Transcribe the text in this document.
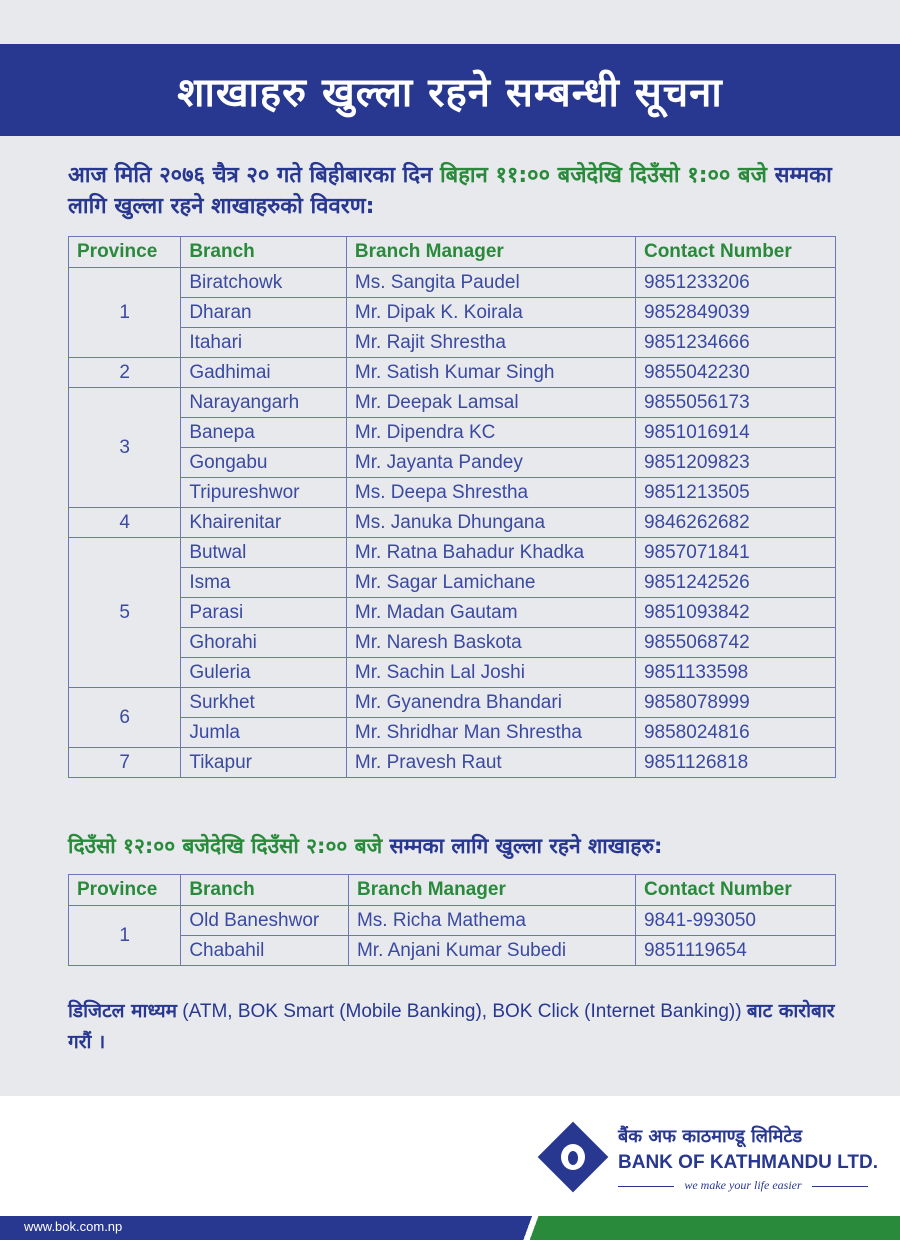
शाखाहरु खुल्ला रहने सम्बन्धी सूचना
आज मिति २०७६ चैत्र २० गते बिहीबारका दिन बिहान ११:०० बजेदेखि दिउँसो १:०० बजे सम्मका लागि खुल्ला रहने शाखाहरुको विवरण:
Province	Branch	Branch Manager	Contact Number
1	Biratchowk	Ms. Sangita Paudel	9851233206
	Dharan	Mr. Dipak K. Koirala	9852849039
	Itahari	Mr. Rajit Shrestha	9851234666
2	Gadhimai	Mr. Satish Kumar Singh	9855042230
3	Narayangarh	Mr. Deepak Lamsal	9855056173
	Banepa	Mr. Dipendra KC	9851016914
	Gongabu	Mr. Jayanta Pandey	9851209823
	Tripureshwor	Ms. Deepa Shrestha	9851213505
4	Khairenitar	Ms. Januka Dhungana	9846262682
5	Butwal	Mr. Ratna Bahadur Khadka	9857071841
	Isma	Mr. Sagar Lamichane	9851242526
	Parasi	Mr. Madan Gautam	9851093842
	Ghorahi	Mr. Naresh Baskota	9855068742
	Guleria	Mr. Sachin Lal Joshi	9851133598
6	Surkhet	Mr. Gyanendra Bhandari	9858078999
	Jumla	Mr. Shridhar Man Shrestha	9858024816
7	Tikapur	Mr. Pravesh Raut	9851126818
दिउँसो १२:०० बजेदेखि दिउँसो २:०० बजे सम्मका लागि खुल्ला रहने शाखाहरु:
Province	Branch	Branch Manager	Contact Number
1	Old Baneshwor	Ms. Richa Mathema	9841-993050
	Chabahil	Mr. Anjani Kumar Subedi	9851119654
डिजिटल माध्यम (ATM, BOK Smart (Mobile Banking), BOK Click (Internet Banking)) बाट कारोबार गरौं ।
बैंक अफ काठमाण्डू लिमिटेड
BANK OF KATHMANDU LTD.
we make your life easier
www.bok.com.np
